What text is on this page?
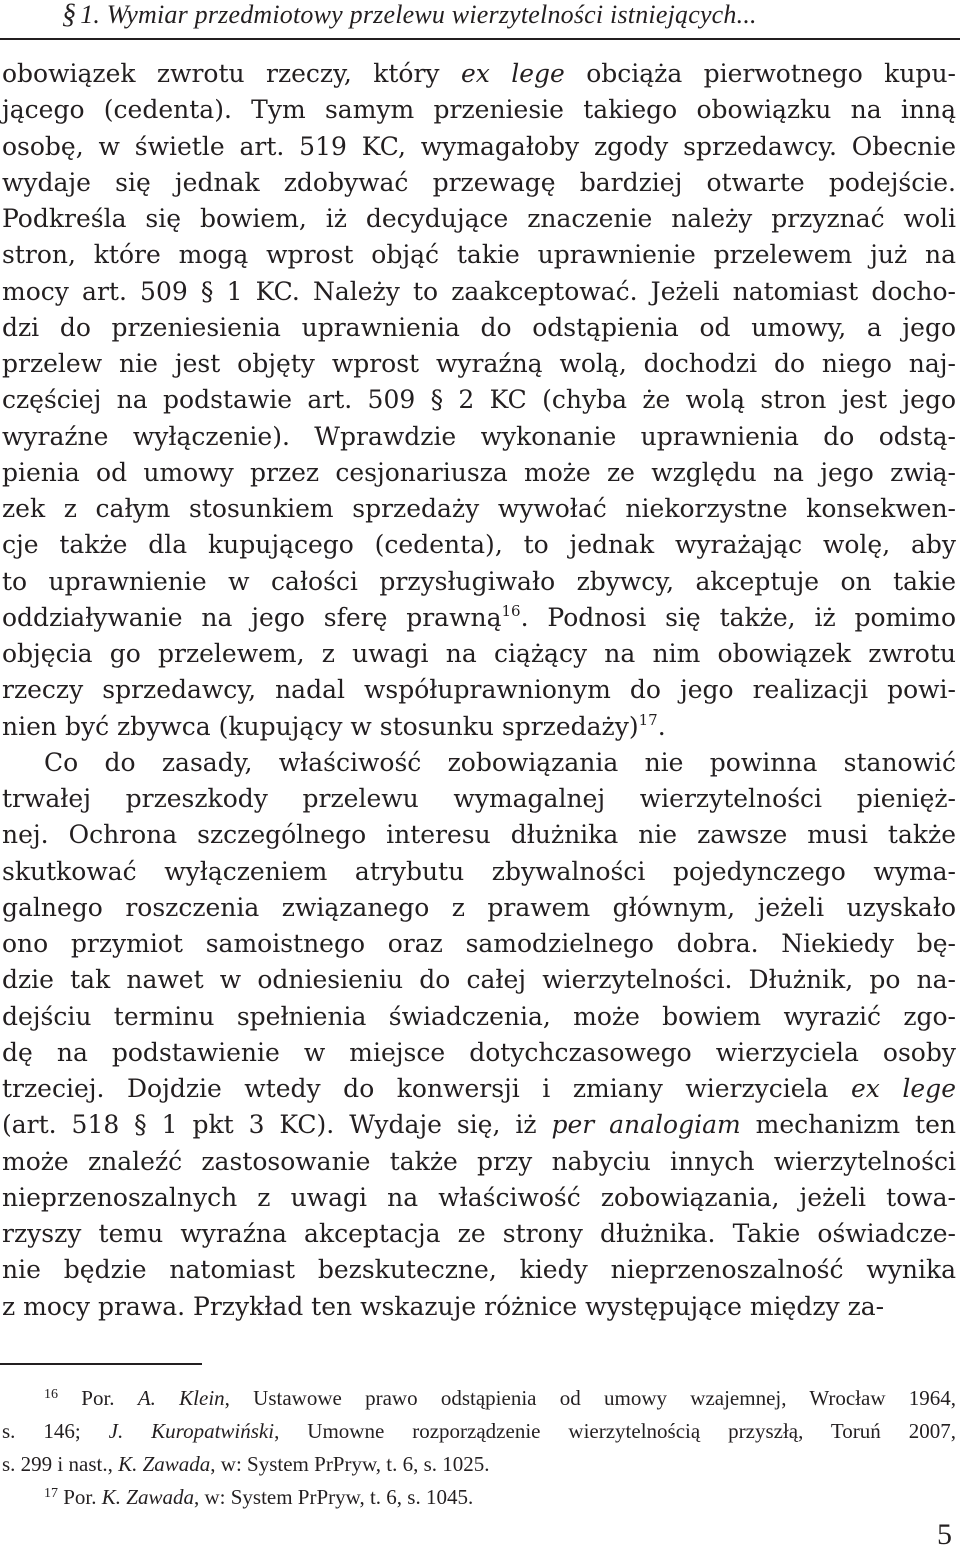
§ 1. Wymiar przedmiotowy przelewu wierzytelności istniejących...
obowiązek zwrotu rzeczy, który ex lege obciąża pierwotnego kupu-
jącego (cedenta). Tym samym przeniesie takiego obowiązku na inną
osobę, w świetle art. 519 KC, wymagałoby zgody sprzedawcy. Obecnie
wydaje się jednak zdobywać przewagę bardziej otwarte podejście.
Podkreśla się bowiem, iż decydujące znaczenie należy przyznać woli
stron, które mogą wprost objąć takie uprawnienie przelewem już na
mocy art. 509 § 1 KC. Należy to zaakceptować. Jeżeli natomiast docho-
dzi do przeniesienia uprawnienia do odstąpienia od umowy, a jego
przelew nie jest objęty wprost wyraźną wolą, dochodzi do niego naj-
częściej na podstawie art. 509 § 2 KC (chyba że wolą stron jest jego
wyraźne wyłączenie). Wprawdzie wykonanie uprawnienia do odstą-
pienia od umowy przez cesjonariusza może ze względu na jego zwią-
zek z całym stosunkiem sprzedaży wywołać niekorzystne konsekwen-
cje także dla kupującego (cedenta), to jednak wyrażając wolę, aby
to uprawnienie w całości przysługiwało zbywcy, akceptuje on takie
oddziaływanie na jego sferę prawną$^{16}$. Podnosi się także, iż pomimo
objęcia go przelewem, z uwagi na ciążący na nim obowiązek zwrotu
rzeczy sprzedawcy, nadal współuprawnionym do jego realizacji powi-
nien być zbywca (kupujący w stosunku sprzedaży)$^{17}$.
Co do zasady, właściwość zobowiązania nie powinna stanowić
trwałej przeszkody przelewu wymagalnej wierzytelności pienięż-
nej. Ochrona szczególnego interesu dłużnika nie zawsze musi także
skutkować wyłączeniem atrybutu zbywalności pojedynczego wyma-
galnego roszczenia związanego z prawem głównym, jeżeli uzyskało
ono przymiot samoistnego oraz samodzielnego dobra. Niekiedy bę-
dzie tak nawet w odniesieniu do całej wierzytelności. Dłużnik, po na-
dejściu terminu spełnienia świadczenia, może bowiem wyrazić zgo-
dę na podstawienie w miejsce dotychczasowego wierzyciela osoby
trzeciej. Dojdzie wtedy do konwersji i zmiany wierzyciela ex lege
(art. 518 § 1 pkt 3 KC). Wydaje się, iż per analogiam mechanizm ten
może znaleźć zastosowanie także przy nabyciu innych wierzytelności
nieprzenoszalnych z uwagi na właściwość zobowiązania, jeżeli towa-
rzyszy temu wyraźna akceptacja ze strony dłużnika. Takie oświadcze-
nie będzie natomiast bezskuteczne, kiedy nieprzenoszalność wynika
z mocy prawa. Przykład ten wskazuje różnice występujące między za-
$^{16}$ Por. A. Klein, Ustawowe prawo odstąpienia od umowy wzajemnej, Wrocław 1964,
s. 146; J. Kuropatwiński, Umowne rozporządzenie wierzytelnością przyszłą, Toruń 2007,
s. 299 i nast., K. Zawada, w: System PrPryw, t. 6, s. 1025.
$^{17}$ Por. K. Zawada, w: System PrPryw, t. 6, s. 1045.
5
